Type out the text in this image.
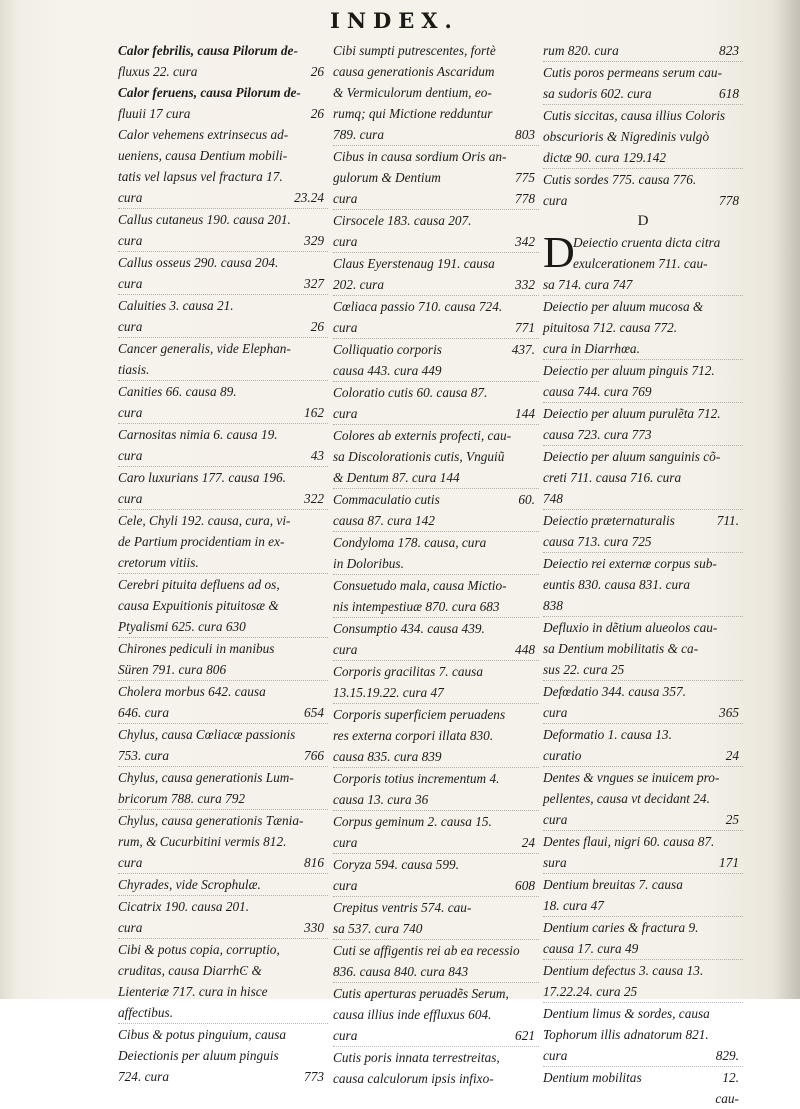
INDEX.
Calor febrilis, causa Pilorum de-
fluxus 22. cura	26
Calor feruens, causa Pilorum de-
fluuii 17 cura	26
Calor vehemens extrinsecus ad-
ueniens, causa Dentium mobili-
tatis vel lapsus vel fractura 17.
cura	23.24
Callus cutaneus 190. causa 201.
cura	329
Callus osseus 290. causa 204.
cura	327
Caluities 3. causa 21.
cura	26
Cancer generalis, vide Elephan-
tiasis.
Canities 66. causa 89.
cura	162
Carnositas nimia 6. causa 19.
cura	43
Caro luxurians 177. causa 196.
cura	322
Cele, Chyli 192. causa, cura, vi-
de Partium procidentiam in ex-
cretorum vitiis.
Cerebri pituita defluens ad os,
causa Expuitionis pituitosæ &
Ptyalismi 625. cura 630
Chirones pediculi in manibus
Süren 791. cura 806
Cholera morbus 642. causa
646. cura	654
Chylus, causa Cœliacæ passionis
753. cura	766
Chylus, causa generationis Lum-
bricorum 788. cura 792
Chylus, causa generationis Tænia-
rum, & Cucurbitini vermis 812.
cura	816
Chyrades, vide Scrophulæ.
Cicatrix 190. causa 201.
cura	330
Cibi & potus copia, corruptio,
cruditas, causa DiarrhϾ &
Lienteriæ 717. cura in hisce
affectibus.
Cibus & potus pinguium, causa
Deiectionis per aluum pinguis
724. cura	773
Cibi sumpti putrescentes, fortè
causa generationis Ascaridum
& Vermiculorum dentium, eo-
rumq; qui Mictione redduntur
789. cura	803
Cibus in causa sordium Oris an-
gulorum & Dentium	775
cura	778
Cirsocele 183. causa 207.
cura	342
Claus Eyerstenaug 191. causa
202. cura	332
Cœliaca passio 710. causa 724.
cura	771
Colliquatio corporis	437.
causa 443. cura 449
Coloratio cutis 60. causa 87.
cura	144
Colores ab externis profecti, cau-
sa Discolorationis cutis, Vnguiũ
& Dentum 87. cura 144
Commaculatio cutis	60.
causa 87. cura 142
Condyloma 178. causa, cura
in Doloribus.
Consuetudo mala, causa Mictio-
nis intempestiuæ 870. cura 683
Consumptio 434. causa 439.
cura	448
Corporis gracilitas 7. causa
13.15.19.22. cura 47
Corporis superficiem peruadens
res externa corpori illata 830.
causa 835. cura 839
Corporis totius incrementum 4.
causa 13. cura 36
Corpus geminum 2. causa 15.
cura	24
Coryza 594. causa 599.
cura	608
Crepitus ventris 574. cau-
sa 537. cura 740
Cuti se affigentis rei ab ea recessio
836. causa 840. cura 843
Cutis aperturas peruadẽs Serum,
causa illius inde effluxus 604.
cura	621
Cutis poris innata terrestreitas,
causa calculorum ipsis infixo-
rum 820. cura	823
Cutis poros permeans serum cau-
sa sudoris 602. cura	618
Cutis siccitas, causa illius Coloris
obscurioris & Nigredinis vulgò
dictæ 90. cura 129.142
Cutis sordes 775. causa 776.
cura	778
D
D
Deiectio cruenta dicta citra
exulcerationem 711. cau-
sa 714. cura 747
Deiectio per aluum mucosa &
pituitosa 712. causa 772.
cura in Diarrhœa.
Deiectio per aluum pinguis 712.
causa 744. cura 769
Deiectio per aluum purulẽta 712.
causa 723. cura 773
Deiectio per aluum sanguinis cõ-
creti 711. causa 716. cura
748
Deiectio præternaturalis	711.
causa 713. cura 725
Deiectio rei externæ corpus sub-
euntis 830. causa 831. cura
838
Defluxio in dẽtium alueolos cau-
sa Dentium mobilitatis & ca-
sus 22. cura 25
Defœdatio 344. causa 357.
cura	365
Deformatio 1. causa 13.
curatio	24
Dentes & vngues se inuicem pro-
pellentes, causa vt decidant 24.
cura	25
Dentes flaui, nigri 60. causa 87.
sura	171
Dentium breuitas 7. causa
18. cura 47
Dentium caries & fractura 9.
causa 17. cura 49
Dentium defectus 3. causa 13.
17.22.24. cura 25
Dentium limus & sordes, causa
Tophorum illis adnatorum 821.
cura	829.
Dentium mobilitas	12.
cau-
